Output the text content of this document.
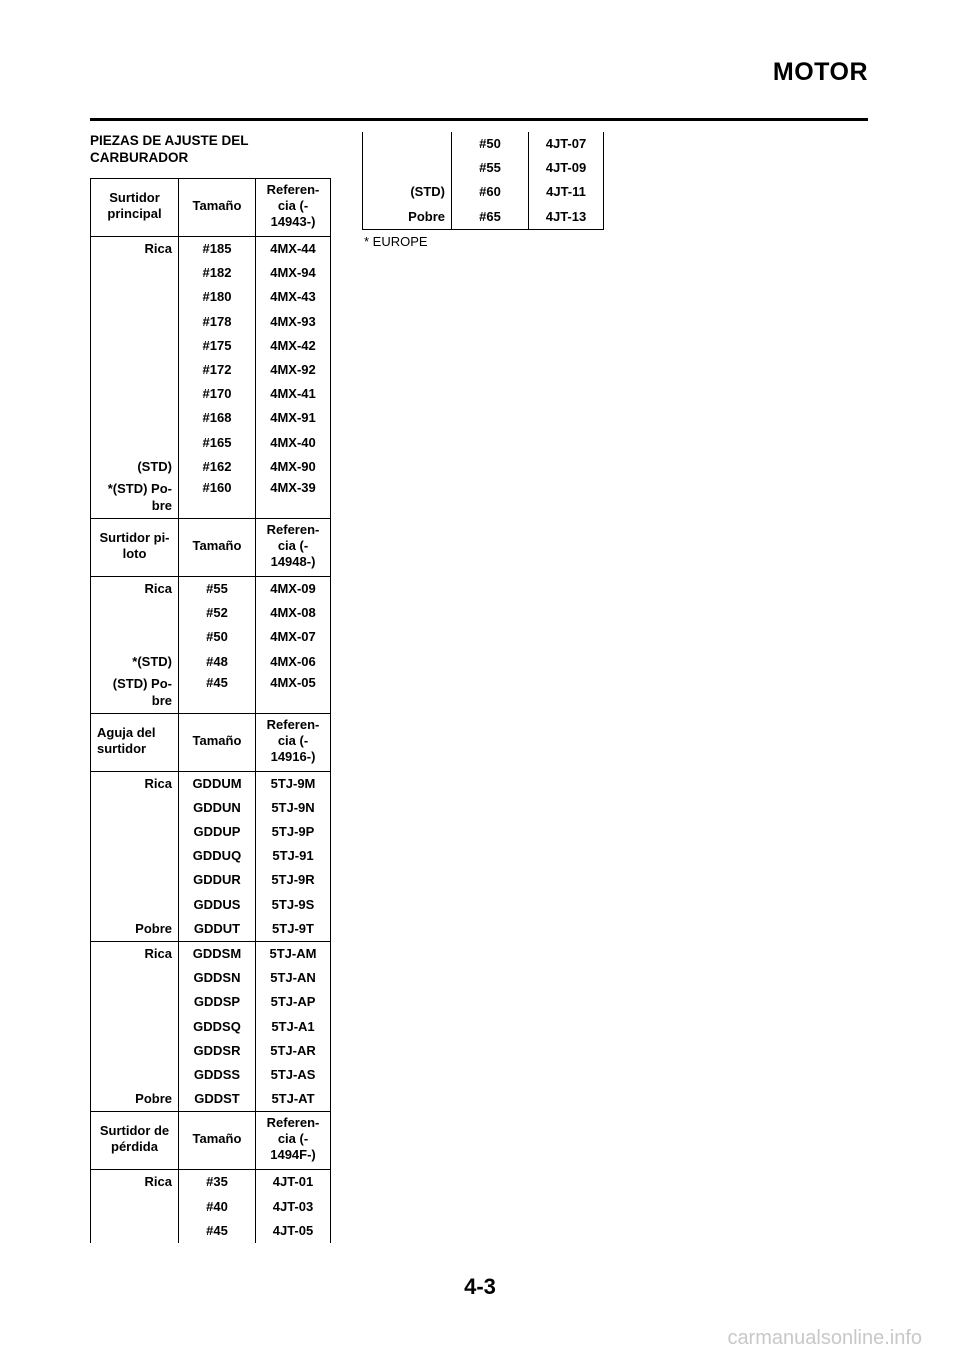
MOTOR
PIEZAS DE AJUSTE DEL CARBURADOR
Surtidor principal	Tamaño	Referen- cia (- 14943-)
Rica	#185	4MX-44
	#182	4MX-94
	#180	4MX-43
	#178	4MX-93
	#175	4MX-42
	#172	4MX-92
	#170	4MX-41
	#168	4MX-91
	#165	4MX-40
(STD)	#162	4MX-90
*(STD) Po- bre	#160	4MX-39
Surtidor pi- loto	Tamaño	Referen- cia (- 14948-)
Rica	#55	4MX-09
	#52	4MX-08
	#50	4MX-07
*(STD)	#48	4MX-06
(STD) Po- bre	#45	4MX-05
Aguja del surtidor	Tamaño	Referen- cia (- 14916-)
Rica	GDDUM	5TJ-9M
	GDDUN	5TJ-9N
	GDDUP	5TJ-9P
	GDDUQ	5TJ-91
	GDDUR	5TJ-9R
	GDDUS	5TJ-9S
Pobre	GDDUT	5TJ-9T
Rica	GDDSM	5TJ-AM
	GDDSN	5TJ-AN
	GDDSP	5TJ-AP
	GDDSQ	5TJ-A1
	GDDSR	5TJ-AR
	GDDSS	5TJ-AS
Pobre	GDDST	5TJ-AT
Surtidor de pérdida	Tamaño	Referen- cia (- 1494F-)
Rica	#35	4JT-01
	#40	4JT-03
	#45	4JT-05
	#50	4JT-07
	#55	4JT-09
(STD)	#60	4JT-11
Pobre	#65	4JT-13
* EUROPE
4-3
carmanualsonline.info
